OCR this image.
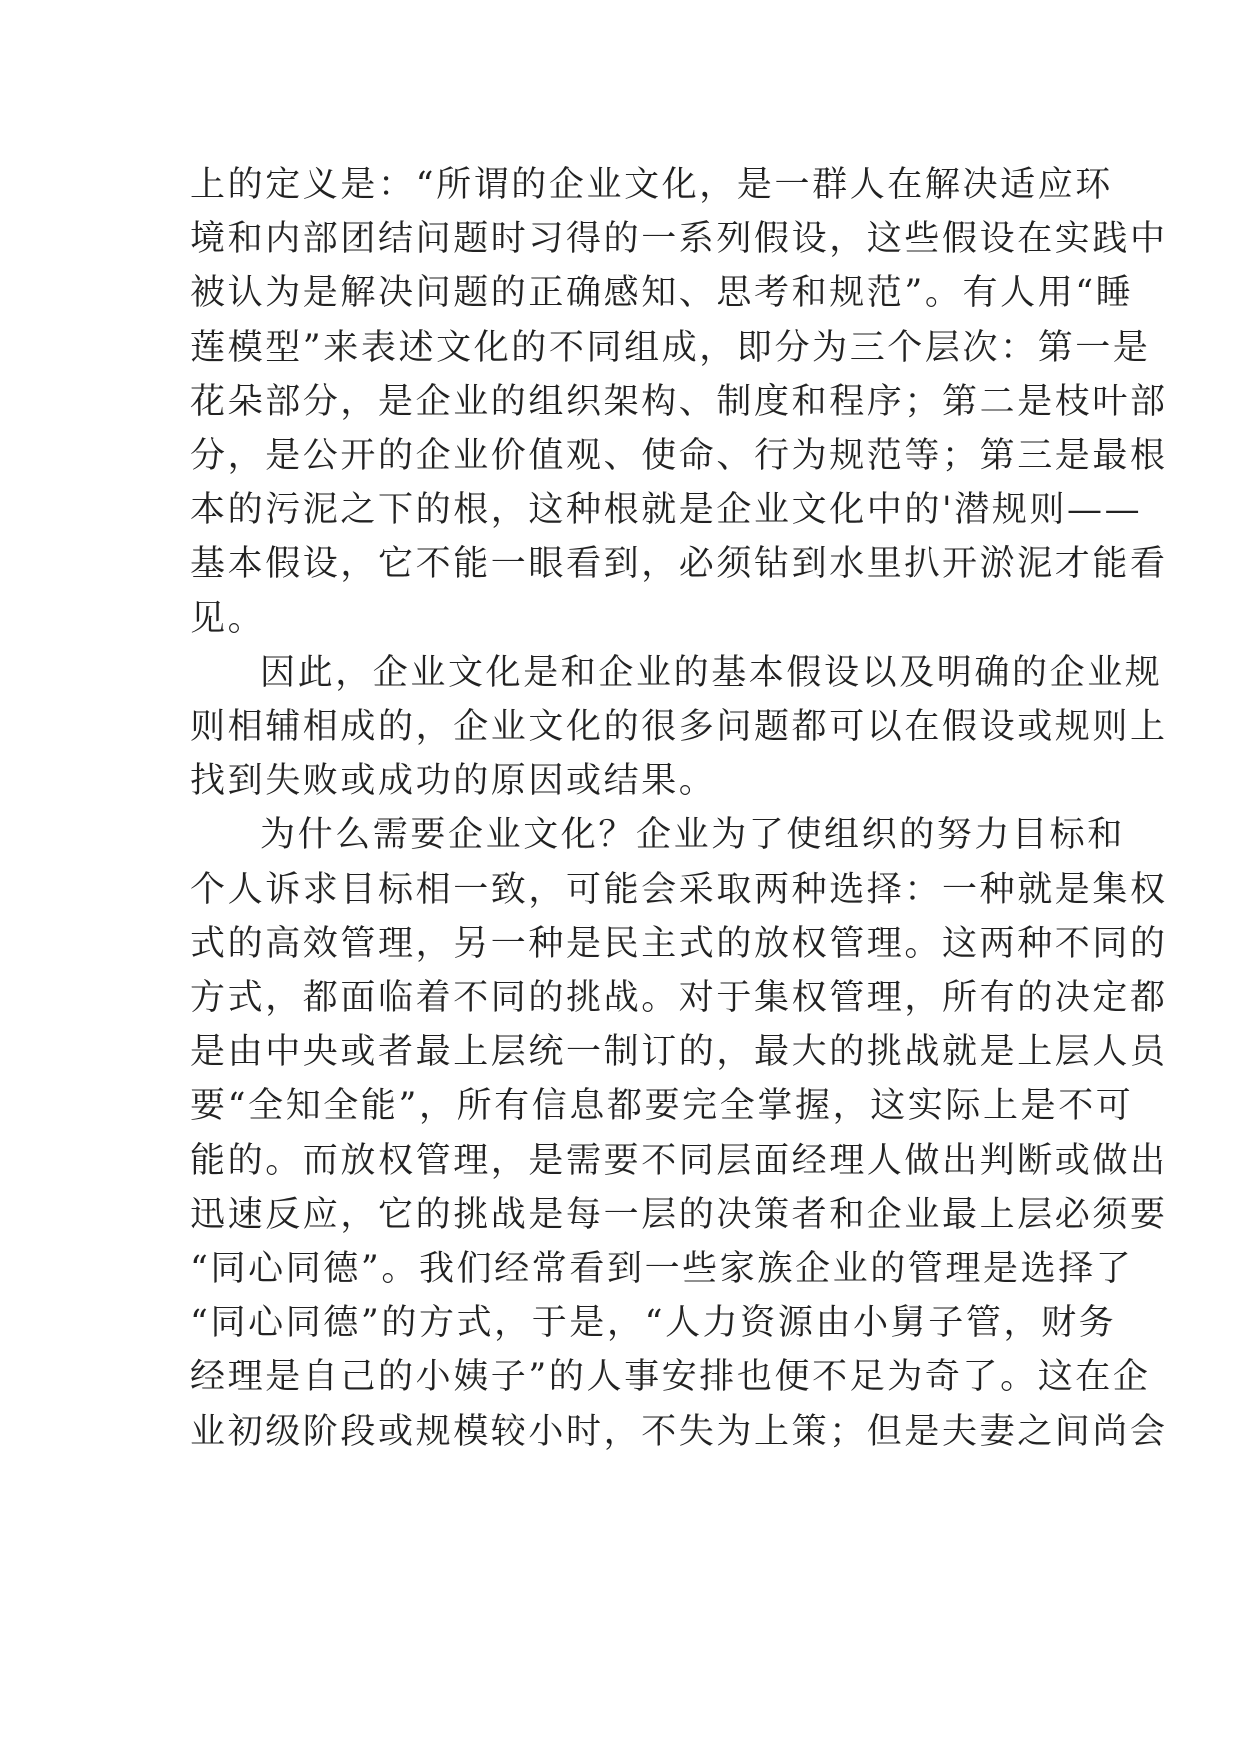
上的定义是：“所谓的企业文化，是一群人在解决适应环
境和内部团结问题时习得的一系列假设，这些假设在实践中
被认为是解决问题的正确感知、思考和规范”。有人用“睡
莲模型”来表述文化的不同组成，即分为三个层次：第一是
花朵部分，是企业的组织架构、制度和程序；第二是枝叶部
分，是公开的企业价值观、使命、行为规范等；第三是最根
本的污泥之下的根，这种根就是企业文化中的'潜规则——
基本假设，它不能一眼看到，必须钻到水里扒开淤泥才能看
见。
因此，企业文化是和企业的基本假设以及明确的企业规
则相辅相成的，企业文化的很多问题都可以在假设或规则上
找到失败或成功的原因或结果。
为什么需要企业文化？企业为了使组织的努力目标和
个人诉求目标相一致，可能会采取两种选择：一种就是集权
式的高效管理，另一种是民主式的放权管理。这两种不同的
方式，都面临着不同的挑战。对于集权管理，所有的决定都
是由中央或者最上层统一制订的，最大的挑战就是上层人员
要“全知全能”，所有信息都要完全掌握，这实际上是不可
能的。而放权管理，是需要不同层面经理人做出判断或做出
迅速反应，它的挑战是每一层的决策者和企业最上层必须要
“同心同德”。我们经常看到一些家族企业的管理是选择了
“同心同德”的方式，于是，“人力资源由小舅子管，财务
经理是自己的小姨子”的人事安排也便不足为奇了。这在企
业初级阶段或规模较小时，不失为上策；但是夫妻之间尚会
